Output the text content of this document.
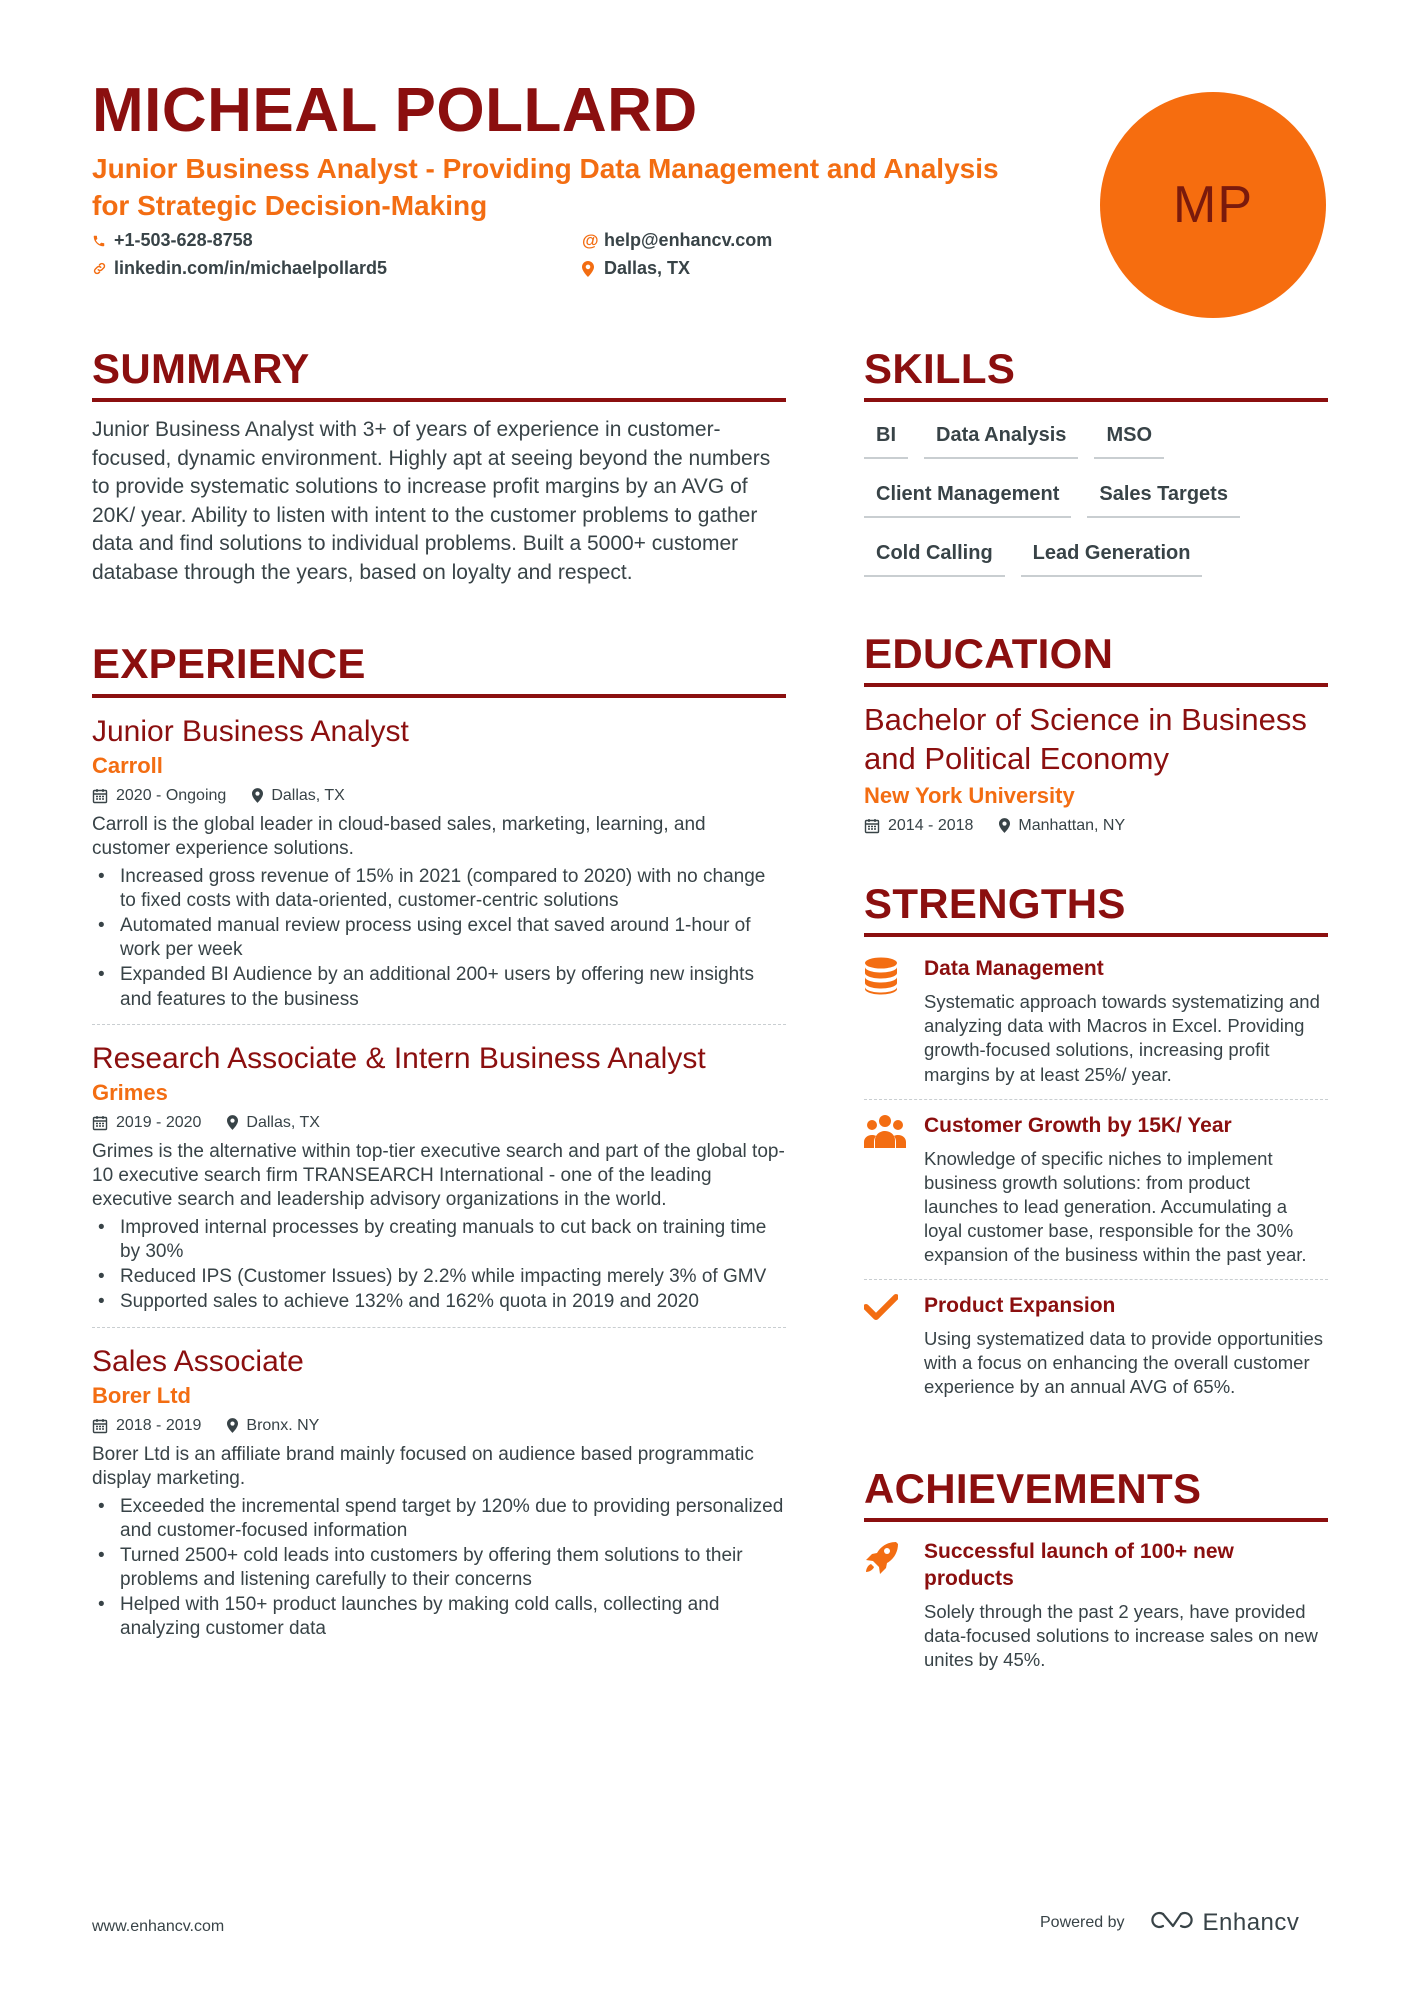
MICHEAL POLLARD
Junior Business Analyst - Providing Data Management and Analysis for Strategic Decision-Making
+1-503-628-8758
linkedin.com/in/michaelpollard5
@ help@enhancv.com
Dallas, TX
MP
SUMMARY
Junior Business Analyst with 3+ of years of experience in customer-focused, dynamic environment. Highly apt at seeing beyond the numbers to provide systematic solutions to increase profit margins by an AVG of 20K/ year. Ability to listen with intent to the customer problems to gather data and find solutions to individual problems. Built a 5000+ customer database through the years, based on loyalty and respect.
EXPERIENCE
Junior Business Analyst
Carroll
2020 - Ongoing	Dallas, TX
Carroll is the global leader in cloud-based sales, marketing, learning, and customer experience solutions.
• Increased gross revenue of 15% in 2021 (compared to 2020) with no change to fixed costs with data-oriented, customer-centric solutions
• Automated manual review process using excel that saved around 1-hour of work per week
• Expanded BI Audience by an additional 200+ users by offering new insights and features to the business
Research Associate & Intern Business Analyst
Grimes
2019 - 2020	Dallas, TX
Grimes is the alternative within top-tier executive search and part of the global top-10 executive search firm TRANSEARCH International - one of the leading executive search and leadership advisory organizations in the world.
• Improved internal processes by creating manuals to cut back on training time by 30%
• Reduced IPS (Customer Issues) by 2.2% while impacting merely 3% of GMV
• Supported sales to achieve 132% and 162% quota in 2019 and 2020
Sales Associate
Borer Ltd
2018 - 2019	Bronx. NY
Borer Ltd is an affiliate brand mainly focused on audience based programmatic display marketing.
• Exceeded the incremental spend target by 120% due to providing personalized and customer-focused information
• Turned 2500+ cold leads into customers by offering them solutions to their problems and listening carefully to their concerns
• Helped with 150+ product launches by making cold calls, collecting and analyzing customer data
SKILLS
BI	Data Analysis	MSO
Client Management	Sales Targets
Cold Calling	Lead Generation
EDUCATION
Bachelor of Science in Business and Political Economy
New York University
2014 - 2018	Manhattan, NY
STRENGTHS
Data Management
Systematic approach towards systematizing and analyzing data with Macros in Excel. Providing growth-focused solutions, increasing profit margins by at least 25%/ year.
Customer Growth by 15K/ Year
Knowledge of specific niches to implement business growth solutions: from product launches to lead generation. Accumulating a loyal customer base, responsible for the 30% expansion of the business within the past year.
Product Expansion
Using systematized data to provide opportunities with a focus on enhancing the overall customer experience by an annual AVG of 65%.
ACHIEVEMENTS
Successful launch of 100+ new products
Solely through the past 2 years, have provided data-focused solutions to increase sales on new unites by 45%.
www.enhancv.com	Powered by	Enhancv
